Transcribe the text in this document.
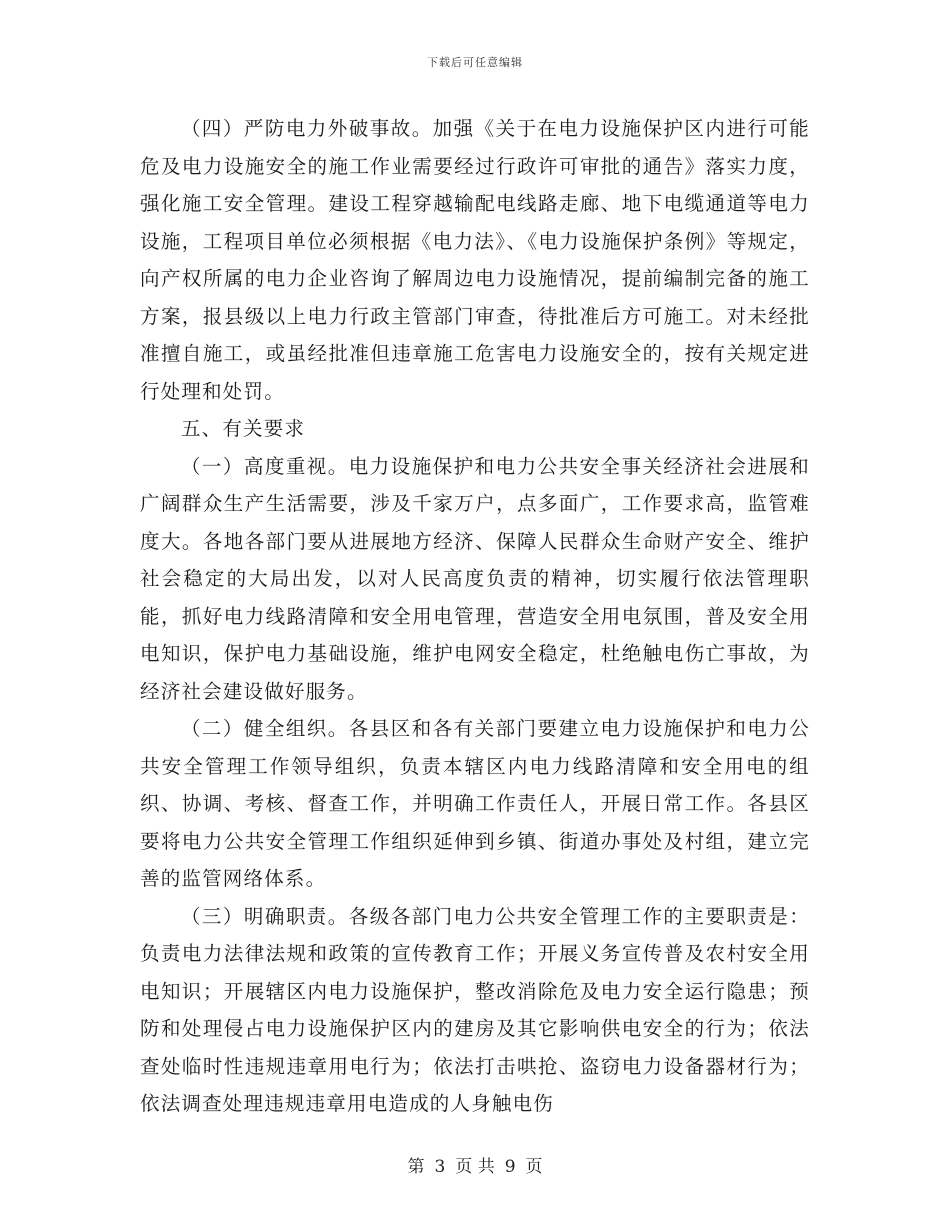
下载后可任意编辑

（四）严防电力外破事故。加强《关于在电力设施保护区内进行可能危及电力设施安全的施工作业需要经过行政许可审批的通告》落实力度，强化施工安全管理。建设工程穿越输配电线路走廊、地下电缆通道等电力设施，工程项目单位必须根据《电力法》、《电力设施保护条例》等规定，向产权所属的电力企业咨询了解周边电力设施情况，提前编制完备的施工方案，报县级以上电力行政主管部门审查，待批准后方可施工。对未经批准擅自施工，或虽经批准但违章施工危害电力设施安全的，按有关规定进行处理和处罚。

五、有关要求

（一）高度重视。电力设施保护和电力公共安全事关经济社会进展和广阔群众生产生活需要，涉及千家万户，点多面广，工作要求高，监管难度大。各地各部门要从进展地方经济、保障人民群众生命财产安全、维护社会稳定的大局出发，以对人民高度负责的精神，切实履行依法管理职能，抓好电力线路清障和安全用电管理，营造安全用电氛围，普及安全用电知识，保护电力基础设施，维护电网安全稳定，杜绝触电伤亡事故，为经济社会建设做好服务。

（二）健全组织。各县区和各有关部门要建立电力设施保护和电力公共安全管理工作领导组织，负责本辖区内电力线路清障和安全用电的组织、协调、考核、督查工作，并明确工作责任人，开展日常工作。各县区要将电力公共安全管理工作组织延伸到乡镇、街道办事处及村组，建立完善的监管网络体系。

（三）明确职责。各级各部门电力公共安全管理工作的主要职责是：负责电力法律法规和政策的宣传教育工作；开展义务宣传普及农村安全用电知识；开展辖区内电力设施保护，整改消除危及电力安全运行隐患；预防和处理侵占电力设施保护区内的建房及其它影响供电安全的行为；依法查处临时性违规违章用电行为；依法打击哄抢、盗窃电力设备器材行为；依法调查处理违规违章用电造成的人身触电伤

第 3 页 共 9 页
